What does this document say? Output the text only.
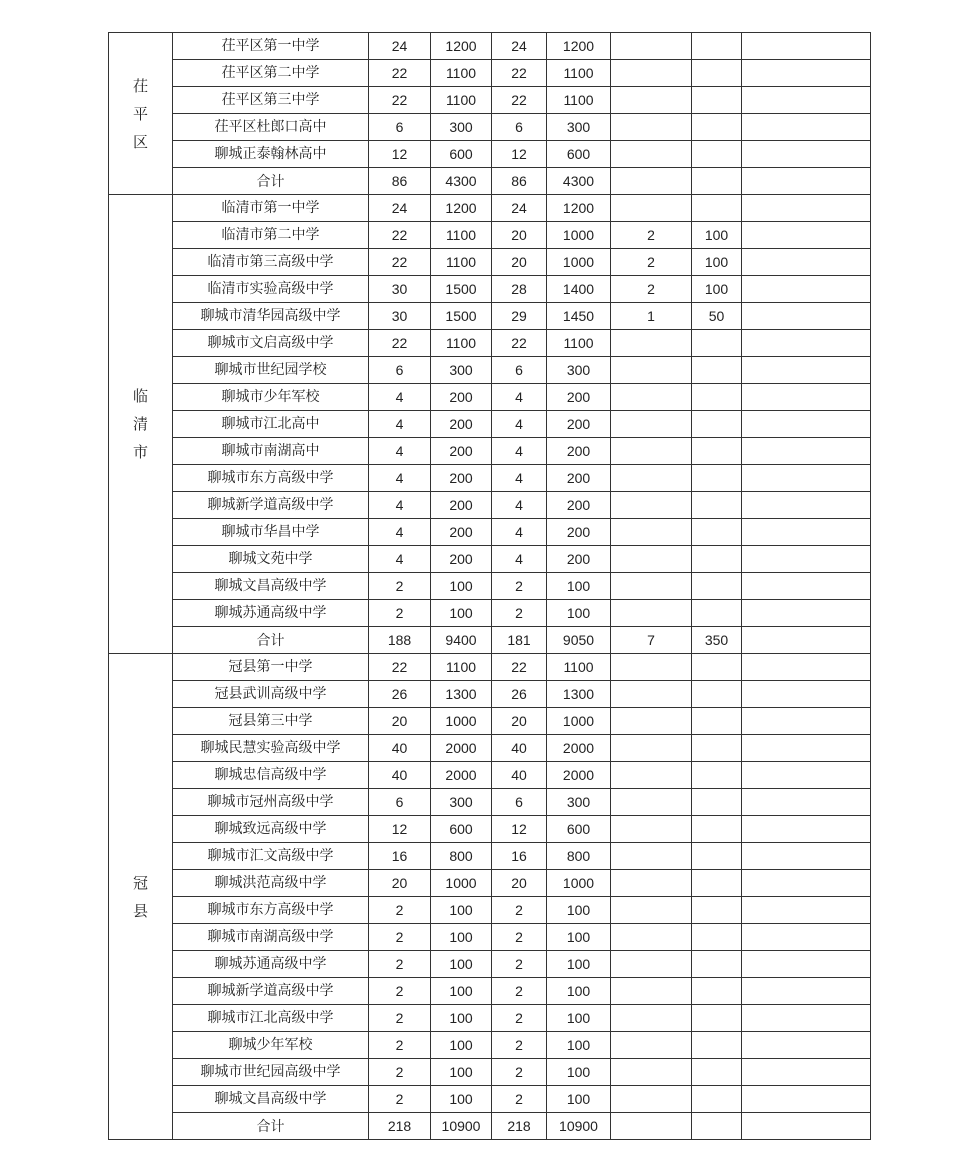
茌平区	茌平区第一中学	24	1200	24	1200			
	茌平区第二中学	22	1100	22	1100			
	茌平区第三中学	22	1100	22	1100			
	茌平区杜郎口高中	6	300	6	300			
	聊城正泰翰林高中	12	600	12	600			
	合计	86	4300	86	4300			

临清市	临清市第一中学	24	1200	24	1200			
	临清市第二中学	22	1100	20	1000	2	100	
	临清市第三高级中学	22	1100	20	1000	2	100	
	临清市实验高级中学	30	1500	28	1400	2	100	
	聊城市清华园高级中学	30	1500	29	1450	1	50	
	聊城市文启高级中学	22	1100	22	1100			
	聊城市世纪园学校	6	300	6	300			
	聊城市少年军校	4	200	4	200			
	聊城市江北高中	4	200	4	200			
	聊城市南湖高中	4	200	4	200			
	聊城市东方高级中学	4	200	4	200			
	聊城新学道高级中学	4	200	4	200			
	聊城市华昌中学	4	200	4	200			
	聊城文苑中学	4	200	4	200			
	聊城文昌高级中学	2	100	2	100			
	聊城苏通高级中学	2	100	2	100			
	合计	188	9400	181	9050	7	350	

冠县	冠县第一中学	22	1100	22	1100			
	冠县武训高级中学	26	1300	26	1300			
	冠县第三中学	20	1000	20	1000			
	聊城民慧实验高级中学	40	2000	40	2000			
	聊城忠信高级中学	40	2000	40	2000			
	聊城市冠州高级中学	6	300	6	300			
	聊城致远高级中学	12	600	12	600			
	聊城市汇文高级中学	16	800	16	800			
	聊城洪范高级中学	20	1000	20	1000			
	聊城市东方高级中学	2	100	2	100			
	聊城市南湖高级中学	2	100	2	100			
	聊城苏通高级中学	2	100	2	100			
	聊城新学道高级中学	2	100	2	100			
	聊城市江北高级中学	2	100	2	100			
	聊城少年军校	2	100	2	100			
	聊城市世纪园高级中学	2	100	2	100			
	聊城文昌高级中学	2	100	2	100			
	合计	218	10900	218	10900			
